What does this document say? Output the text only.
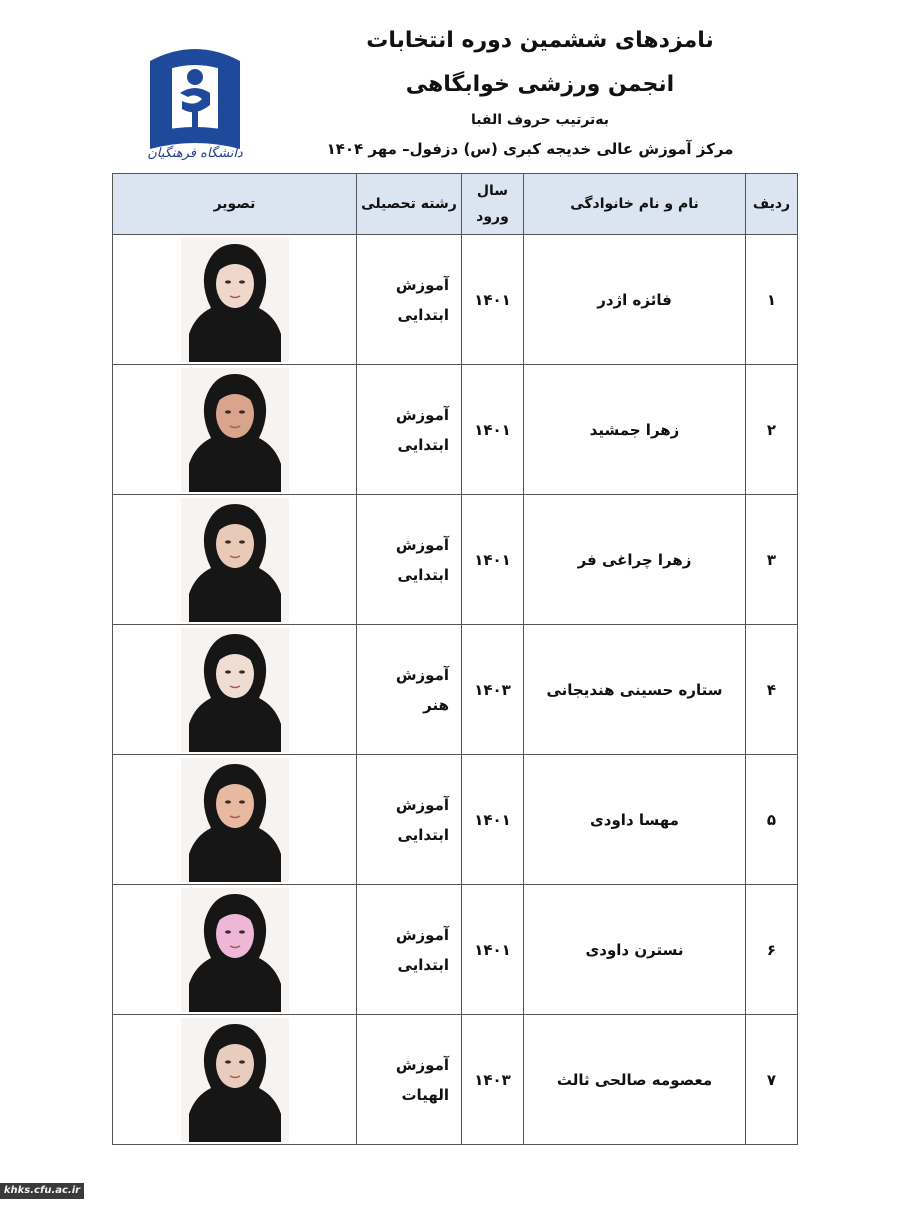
دانشگاه فرهنگیان
نامزدهای ششمین دوره انتخابات
انجمن ورزشی خوابگاهی
به‌ترتیب حروف الفبا
مرکز آموزش عالی خدیجه کبری (س) دزفول– مهر ۱۴۰۴
ردیف	نام و نام خانوادگی	سال ورود	رشته تحصیلی	تصویر
۱	فائزه اژدر	۱۴۰۱	آموزش ابتدایی	

۲	زهرا جمشید	۱۴۰۱	آموزش ابتدایی	

۳	زهرا چراغی فر	۱۴۰۱	آموزش ابتدایی	

۴	ستاره حسینی هندیجانی	۱۴۰۳	آموزش هنر	

۵	مهسا داودی	۱۴۰۱	آموزش ابتدایی	

۶	نسترن داودی	۱۴۰۱	آموزش ابتدایی	

۷	معصومه صالحی ثالث	۱۴۰۳	آموزش الهیات	
khks.cfu.ac.ir
